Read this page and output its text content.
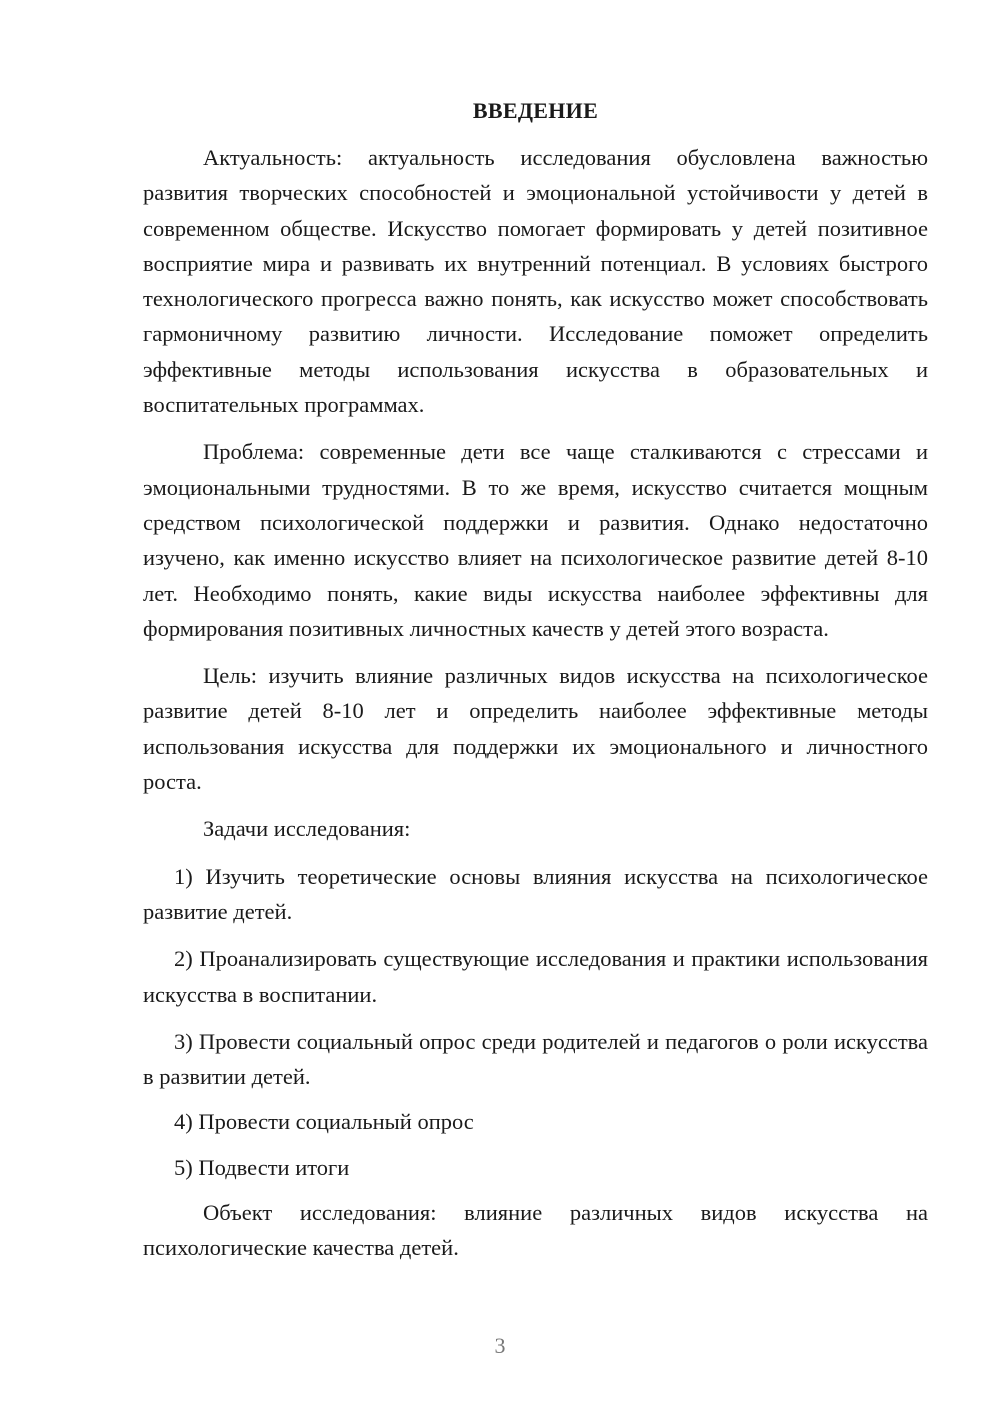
ВВЕДЕНИЕ

Актуальность: актуальность исследования обусловлена важностью развития творческих способностей и эмоциональной устойчивости у детей в современном обществе. Искусство помогает формировать у детей позитивное восприятие мира и развивать их внутренний потенциал. В условиях быстрого технологического прогресса важно понять, как искусство может способствовать гармоничному развитию личности. Исследование поможет определить эффективные методы использования искусства в образовательных и воспитательных программах.

Проблема: современные дети все чаще сталкиваются с стрессами и эмоциональными трудностями. В то же время, искусство считается мощным средством психологической поддержки и развития. Однако недостаточно изучено, как именно искусство влияет на психологическое развитие детей 8-10 лет. Необходимо понять, какие виды искусства наиболее эффективны для формирования позитивных личностных качеств у детей этого возраста.

Цель: изучить влияние различных видов искусства на психологическое развитие детей 8-10 лет и определить наиболее эффективные методы использования искусства для поддержки их эмоционального и личностного роста.

Задачи исследования:

1) Изучить теоретические основы влияния искусства на психологическое развитие детей.

2) Проанализировать существующие исследования и практики использования искусства в воспитании.

3) Провести социальный опрос среди родителей и педагогов о роли искусства в развитии детей.

4) Провести социальный опрос

5) Подвести итоги

Объект исследования: влияние различных видов искусства на психологические качества детей.

3
